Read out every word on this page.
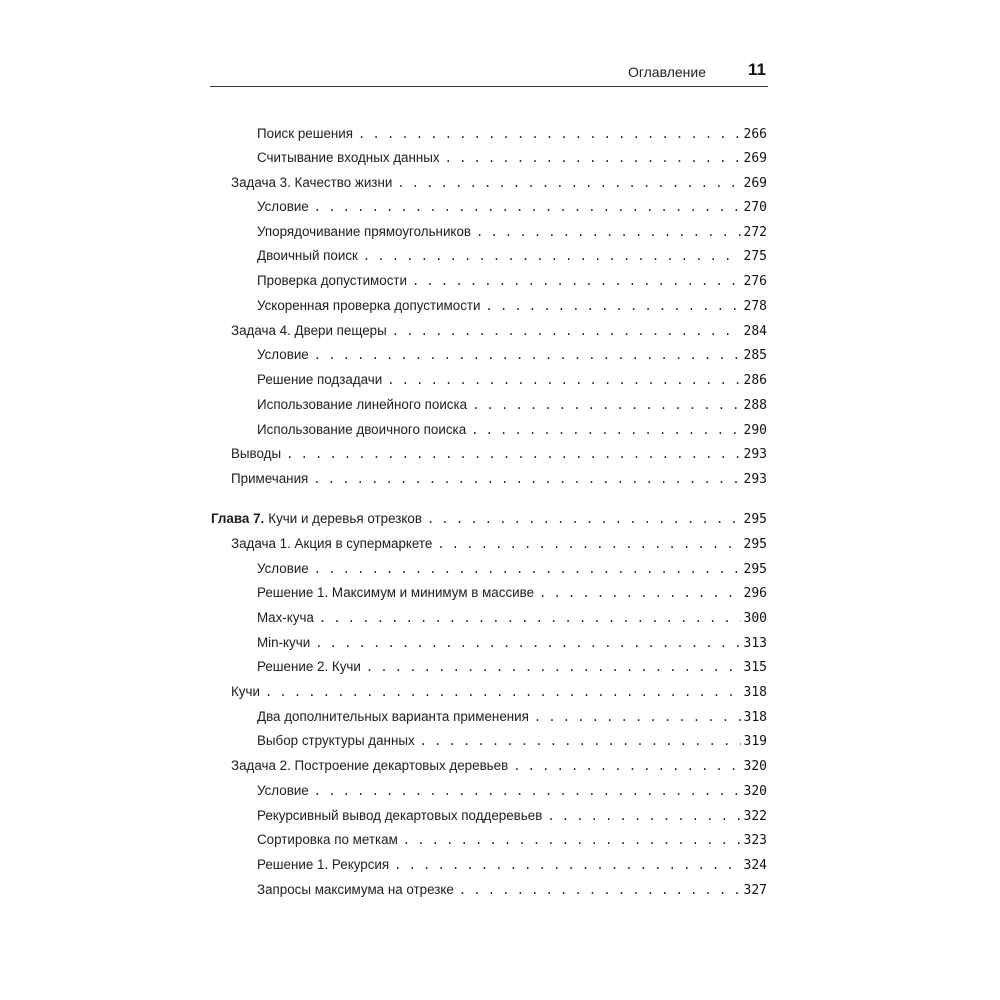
Оглавление 11
Поиск решения . . .	266
Считывание входных данных . . .	269
Задача 3. Качество жизни . . .	269
Условие . . .	270
Упорядочивание прямоугольников . . .	272
Двоичный поиск . . .	275
Проверка допустимости . . .	276
Ускоренная проверка допустимости . . .	278
Задача 4. Двери пещеры . . .	284
Условие . . .	285
Решение подзадачи . . .	286
Использование линейного поиска . . .	288
Использование двоичного поиска . . .	290
Выводы . . .	293
Примечания . . .	293
Глава 7. Кучи и деревья отрезков . . .	295
Задача 1. Акция в супермаркете . . .	295
Условие . . .	295
Решение 1. Максимум и минимум в массиве . . .	296
Max-куча . . .	300
Min-кучи . . .	313
Решение 2. Кучи . . .	315
Кучи . . .	318
Два дополнительных варианта применения . . .	318
Выбор структуры данных . . .	319
Задача 2. Построение декартовых деревьев . . .	320
Условие . . .	320
Рекурсивный вывод декартовых поддеревьев . . .	322
Сортировка по меткам . . .	323
Решение 1. Рекурсия . . .	324
Запросы максимума на отрезке . . .	327
